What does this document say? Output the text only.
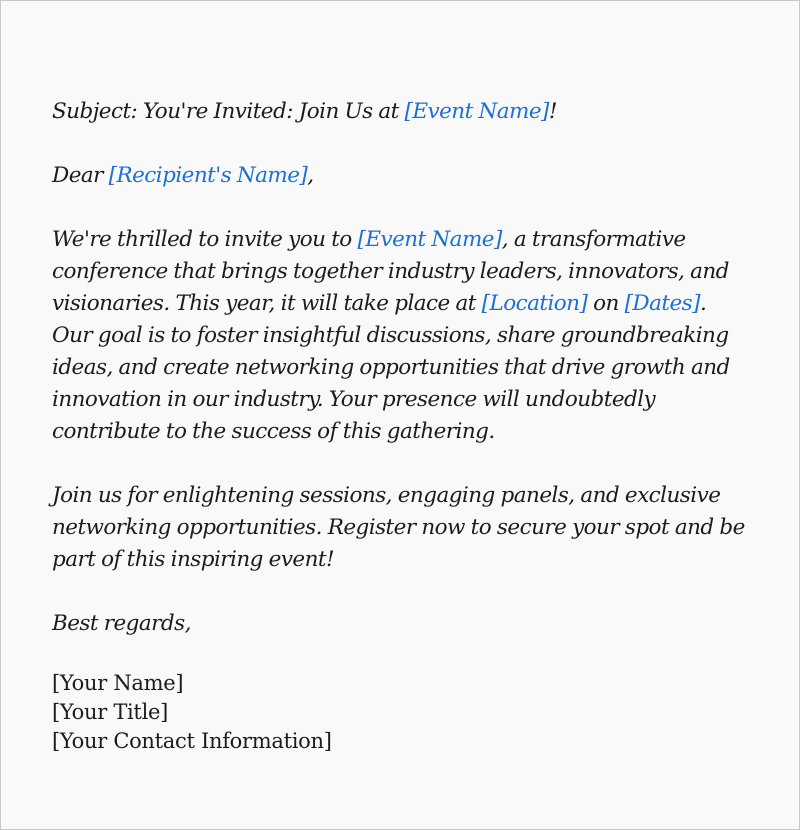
Subject: You're Invited: Join Us at [Event Name]!

Dear [Recipient's Name],

We're thrilled to invite you to [Event Name], a transformative conference that brings together industry leaders, innovators, and visionaries. This year, it will take place at [Location] on [Dates]. Our goal is to foster insightful discussions, share groundbreaking ideas, and create networking opportunities that drive growth and innovation in our industry. Your presence will undoubtedly contribute to the success of this gathering.

Join us for enlightening sessions, engaging panels, and exclusive networking opportunities. Register now to secure your spot and be part of this inspiring event!

Best regards,

[Your Name]
[Your Title]
[Your Contact Information]
